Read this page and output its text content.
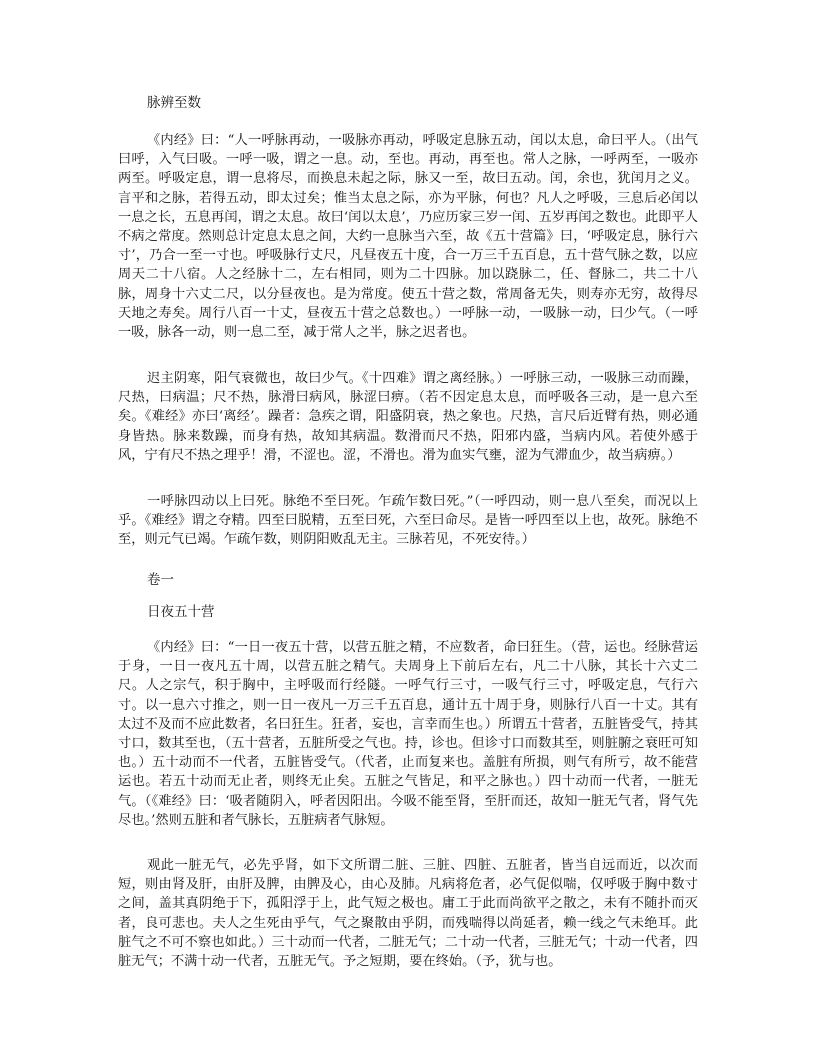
脉辨至数

《内经》曰：“人一呼脉再动，一吸脉亦再动，呼吸定息脉五动，闰以太息，命曰平人。（出气曰呼，入气曰吸。一呼一吸，谓之一息。动，至也。再动，再至也。常人之脉，一呼两至，一吸亦两至。呼吸定息，谓一息将尽，而换息未起之际，脉又一至，故曰五动。闰，余也，犹闰月之义。言平和之脉，若得五动，即太过矣；惟当太息之际，亦为平脉，何也？凡人之呼吸，三息后必闰以一息之长，五息再闰，谓之太息。故曰‘闰以太息’，乃应历家三岁一闰、五岁再闰之数也。此即平人不病之常度。然则总计定息太息之间，大约一息脉当六至，故《五十营篇》曰，‘呼吸定息，脉行六寸’，乃合一至一寸也。呼吸脉行丈尺，凡昼夜五十度，合一万三千五百息，五十营气脉之数，以应周天二十八宿。人之经脉十二，左右相同，则为二十四脉。加以跷脉二，任、督脉二，共二十八脉，周身十六丈二尺，以分昼夜也。是为常度。使五十营之数，常周备无失，则寿亦无穷，故得尽天地之寿矣。周行八百一十丈，昼夜五十营之总数也。）一呼脉一动，一吸脉一动，曰少气。（一呼一吸，脉各一动，则一息二至，减于常人之半，脉之迟者也。

迟主阴寒，阳气衰微也，故曰少气。《十四难》谓之离经脉。）一呼脉三动，一吸脉三动而躁，尺热，曰病温；尺不热，脉滑曰病风，脉涩曰痹。（若不因定息太息，而呼吸各三动，是一息六至矣。《难经》亦曰‘离经’。躁者：急疾之谓，阳盛阴衰，热之象也。尺热，言尺后近臂有热，则必通身皆热。脉来数躁，而身有热，故知其病温。数滑而尺不热，阳邪内盛，当病内风。若使外感于风，宁有尺不热之理乎！滑，不涩也。涩，不滑也。滑为血实气壅，涩为气滞血少，故当病痹。）

一呼脉四动以上曰死。脉绝不至曰死。乍疏乍数曰死。”（一呼四动，则一息八至矣，而况以上乎。《难经》谓之夺精。四至曰脱精，五至曰死，六至曰命尽。是皆一呼四至以上也，故死。脉绝不至，则元气已竭。乍疏乍数，则阴阳败乱无主。三脉若见，不死安待。）

卷一
日夜五十营

《内经》曰：“一日一夜五十营，以营五脏之精，不应数者，命曰狂生。（营，运也。经脉营运于身，一日一夜凡五十周，以营五脏之精气。夫周身上下前后左右，凡二十八脉，其长十六丈二尺。人之宗气，积于胸中，主呼吸而行经隧。一呼气行三寸，一吸气行三寸，呼吸定息，气行六寸。以一息六寸推之，则一日一夜凡一万三千五百息，通计五十周于身，则脉行八百一十丈。其有太过不及而不应此数者，名曰狂生。狂者，妄也，言幸而生也。）所谓五十营者，五脏皆受气，持其寸口，数其至也，（五十营者，五脏所受之气也。持，诊也。但诊寸口而数其至，则脏腑之衰旺可知也。）五十动而不一代者，五脏皆受气。（代者，止而复来也。盖脏有所损，则气有所亏，故不能营运也。若五十动而无止者，则终无止矣。五脏之气皆足，和平之脉也。）四十动而一代者，一脏无气。（《难经》曰：‘吸者随阴入，呼者因阳出。今吸不能至肾，至肝而还，故知一脏无气者，肾气先尽也。’然则五脏和者气脉长，五脏病者气脉短。

观此一脏无气，必先乎肾，如下文所谓二脏、三脏、四脏、五脏者，皆当自远而近，以次而短，则由肾及肝，由肝及脾，由脾及心，由心及肺。凡病将危者，必气促似喘，仅呼吸于胸中数寸之间，盖其真阴绝于下，孤阳浮于上，此气短之极也。庸工于此而尚欲平之散之，未有不随扑而灭者，良可悲也。夫人之生死由乎气，气之聚散由乎阴，而残喘得以尚延者，赖一线之气未绝耳。此脏气之不可不察也如此。）三十动而一代者，二脏无气；二十动一代者，三脏无气；十动一代者，四脏无气；不满十动一代者，五脏无气。予之短期，要在终始。（予，犹与也。
